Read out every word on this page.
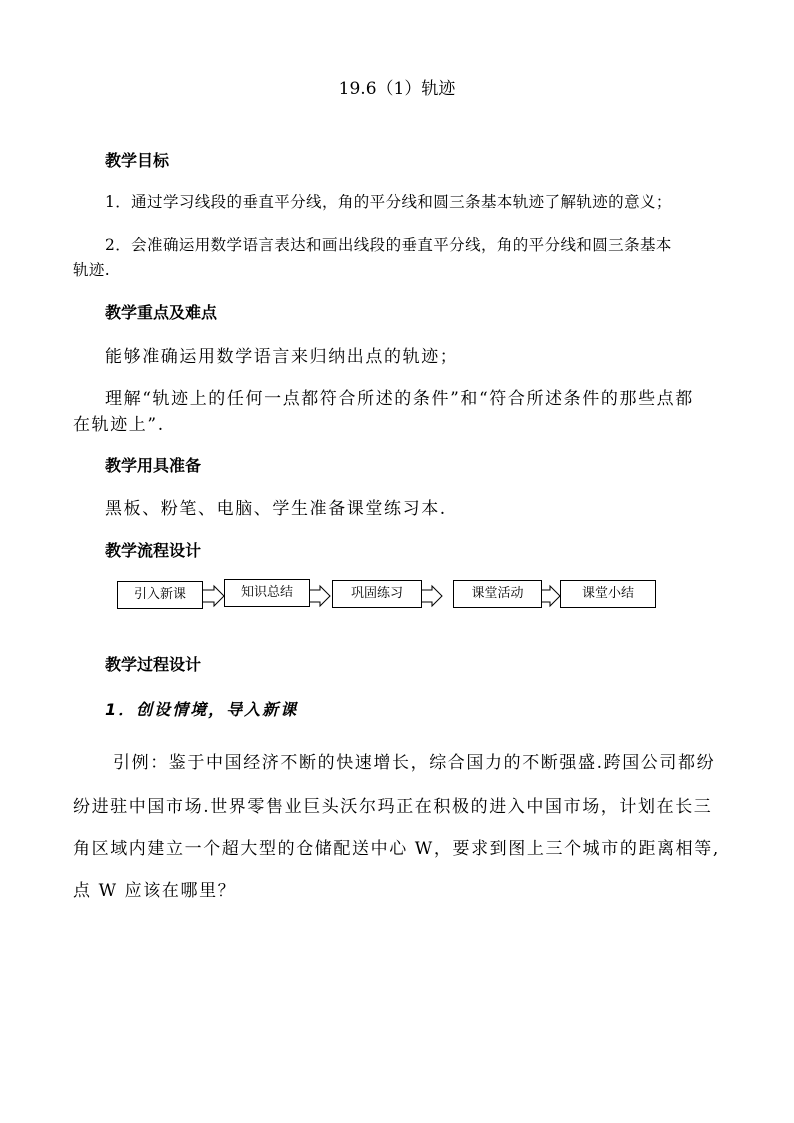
19.6（1）轨迹
教学目标
1．通过学习线段的垂直平分线，角的平分线和圆三条基本轨迹了解轨迹的意义；
2．会准确运用数学语言表达和画出线段的垂直平分线，角的平分线和圆三条基本
轨迹.
教学重点及难点
能够准确运用数学语言来归纳出点的轨迹；
理解“轨迹上的任何一点都符合所述的条件”和“符合所述条件的那些点都
在轨迹上”.
教学用具准备
黑板、粉笔、电脑、学生准备课堂练习本.
教学流程设计
引入新课	知识总结	巩固练习	课堂活动	课堂小结
教学过程设计
1．创设情境，导入新课
引例：鉴于中国经济不断的快速增长，综合国力的不断强盛.跨国公司都纷
纷进驻中国市场.世界零售业巨头沃尔玛正在积极的进入中国市场，计划在长三
角区域内建立一个超大型的仓储配送中心 W，要求到图上三个城市的距离相等,
点 W 应该在哪里？
